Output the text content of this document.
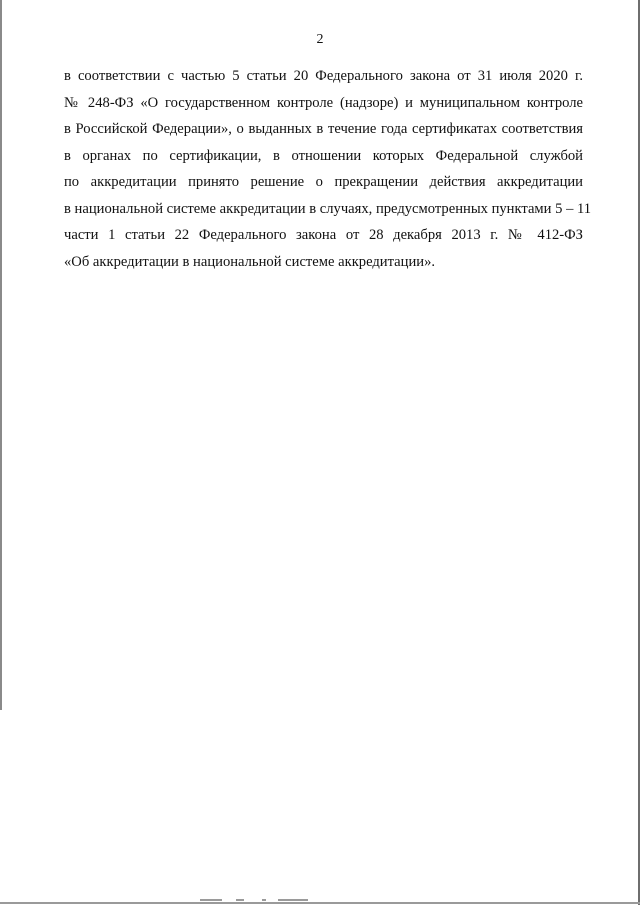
2
в соответствии с частью 5 статьи 20 Федерального закона от 31 июля 2020 г.
№ 248-ФЗ «О государственном контроле (надзоре) и муниципальном контроле
в Российской Федерации», о выданных в течение года сертификатах соответствия
в органах по сертификации, в отношении которых Федеральной службой
по аккредитации принято решение о прекращении действия аккредитации
в национальной системе аккредитации в случаях, предусмотренных пунктами 5 – 11
части 1 статьи 22 Федерального закона от 28 декабря 2013 г. № 412-ФЗ
«Об аккредитации в национальной системе аккредитации».
